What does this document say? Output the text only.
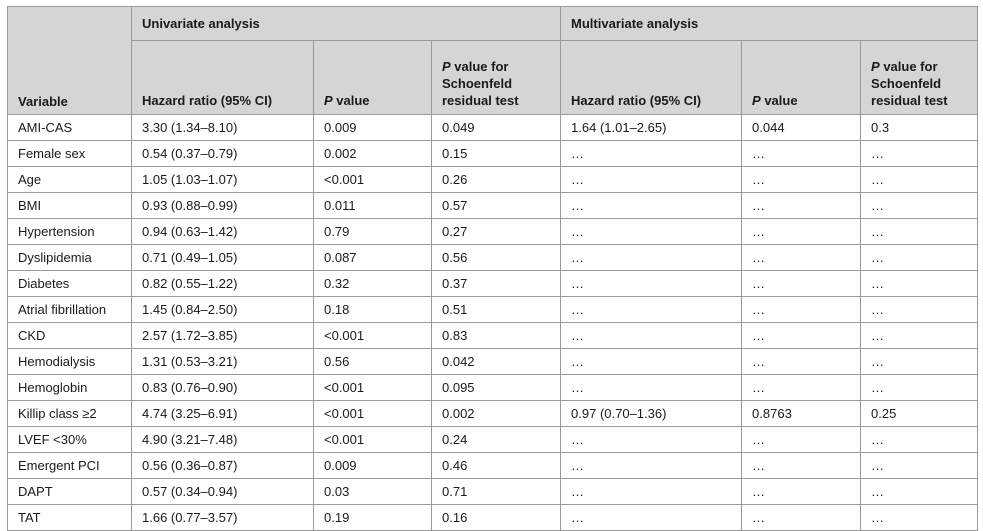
Variable	Univariate analysis			Multivariate analysis		
	Hazard ratio (95% CI)	P value	P value for Schoenfeld residual test	Hazard ratio (95% CI)	P value	P value for Schoenfeld residual test
AMI-CAS	3.30 (1.34–8.10)	0.009	0.049	1.64 (1.01–2.65)	0.044	0.3
Female sex	0.54 (0.37–0.79)	0.002	0.15	…	…	…
Age	1.05 (1.03–1.07)	<0.001	0.26	…	…	…
BMI	0.93 (0.88–0.99)	0.011	0.57	…	…	…
Hypertension	0.94 (0.63–1.42)	0.79	0.27	…	…	…
Dyslipidemia	0.71 (0.49–1.05)	0.087	0.56	…	…	…
Diabetes	0.82 (0.55–1.22)	0.32	0.37	…	…	…
Atrial fibrillation	1.45 (0.84–2.50)	0.18	0.51	…	…	…
CKD	2.57 (1.72–3.85)	<0.001	0.83	…	…	…
Hemodialysis	1.31 (0.53–3.21)	0.56	0.042	…	…	…
Hemoglobin	0.83 (0.76–0.90)	<0.001	0.095	…	…	…
Killip class ≥2	4.74 (3.25–6.91)	<0.001	0.002	0.97 (0.70–1.36)	0.8763	0.25
LVEF <30%	4.90 (3.21–7.48)	<0.001	0.24	…	…	…
Emergent PCI	0.56 (0.36–0.87)	0.009	0.46	…	…	…
DAPT	0.57 (0.34–0.94)	0.03	0.71	…	…	…
TAT	1.66 (0.77–3.57)	0.19	0.16	…	…	…
